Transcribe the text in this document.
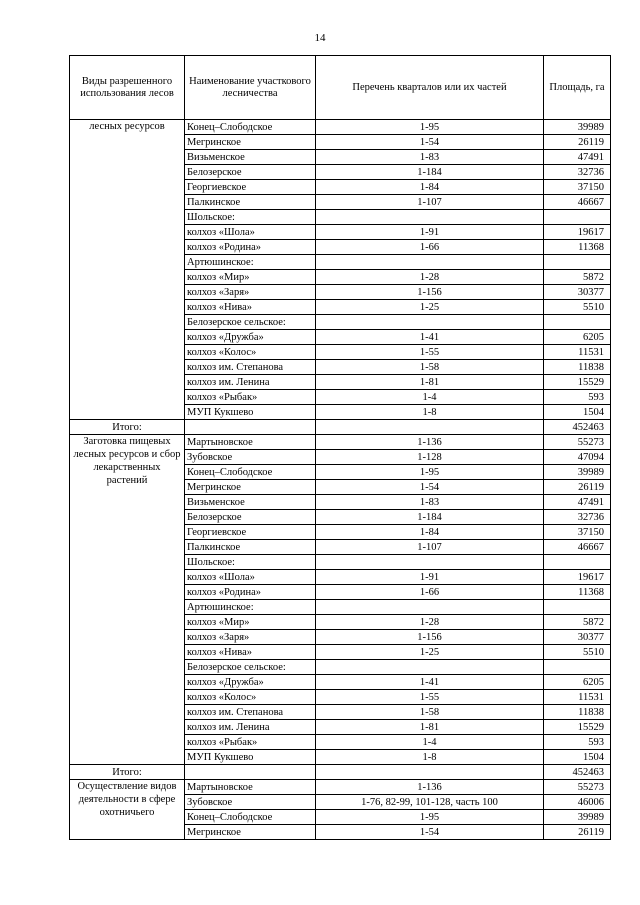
14
Виды разрешенного использования лесов	Наименование участкового лесничества	Перечень кварталов или их частей	Площадь, га
лесных ресурсов	Конец–Слободское	1-95	39989
	Мегринское	1-54	26119
	Визьменское	1-83	47491
	Белозерское	1-184	32736
	Георгиевское	1-84	37150
	Палкинское	1-107	46667
	Шольское:		
	колхоз «Шола»	1-91	19617
	колхоз «Родина»	1-66	11368
	Артюшинское:		
	колхоз «Мир»	1-28	5872
	колхоз «Заря»	1-156	30377
	колхоз «Нива»	1-25	5510
	Белозерское сельское:		
	колхоз «Дружба»	1-41	6205
	колхоз «Колос»	1-55	11531
	колхоз им. Степанова	1-58	11838
	колхоз им. Ленина	1-81	15529
	колхоз «Рыбак»	1-4	593
	МУП Кукшево	1-8	1504
Итого:			452463
Заготовка пищевых лесных ресурсов и сбор лекарственных растений	Мартыновское	1-136	55273
	Зубовское	1-128	47094
	Конец–Слободское	1-95	39989
	Мегринское	1-54	26119
	Визьменское	1-83	47491
	Белозерское	1-184	32736
	Георгиевское	1-84	37150
	Палкинское	1-107	46667
	Шольское:		
	колхоз «Шола»	1-91	19617
	колхоз «Родина»	1-66	11368
	Артюшинское:		
	колхоз «Мир»	1-28	5872
	колхоз «Заря»	1-156	30377
	колхоз «Нива»	1-25	5510
	Белозерское сельское:		
	колхоз «Дружба»	1-41	6205
	колхоз «Колос»	1-55	11531
	колхоз им. Степанова	1-58	11838
	колхоз им. Ленина	1-81	15529
	колхоз «Рыбак»	1-4	593
	МУП Кукшево	1-8	1504
Итого:			452463
Осуществление видов деятельности в сфере охотничьего	Мартыновское	1-136	55273
	Зубовское	1-76, 82-99, 101-128, часть 100	46006
	Конец–Слободское	1-95	39989
	Мегринское	1-54	26119
